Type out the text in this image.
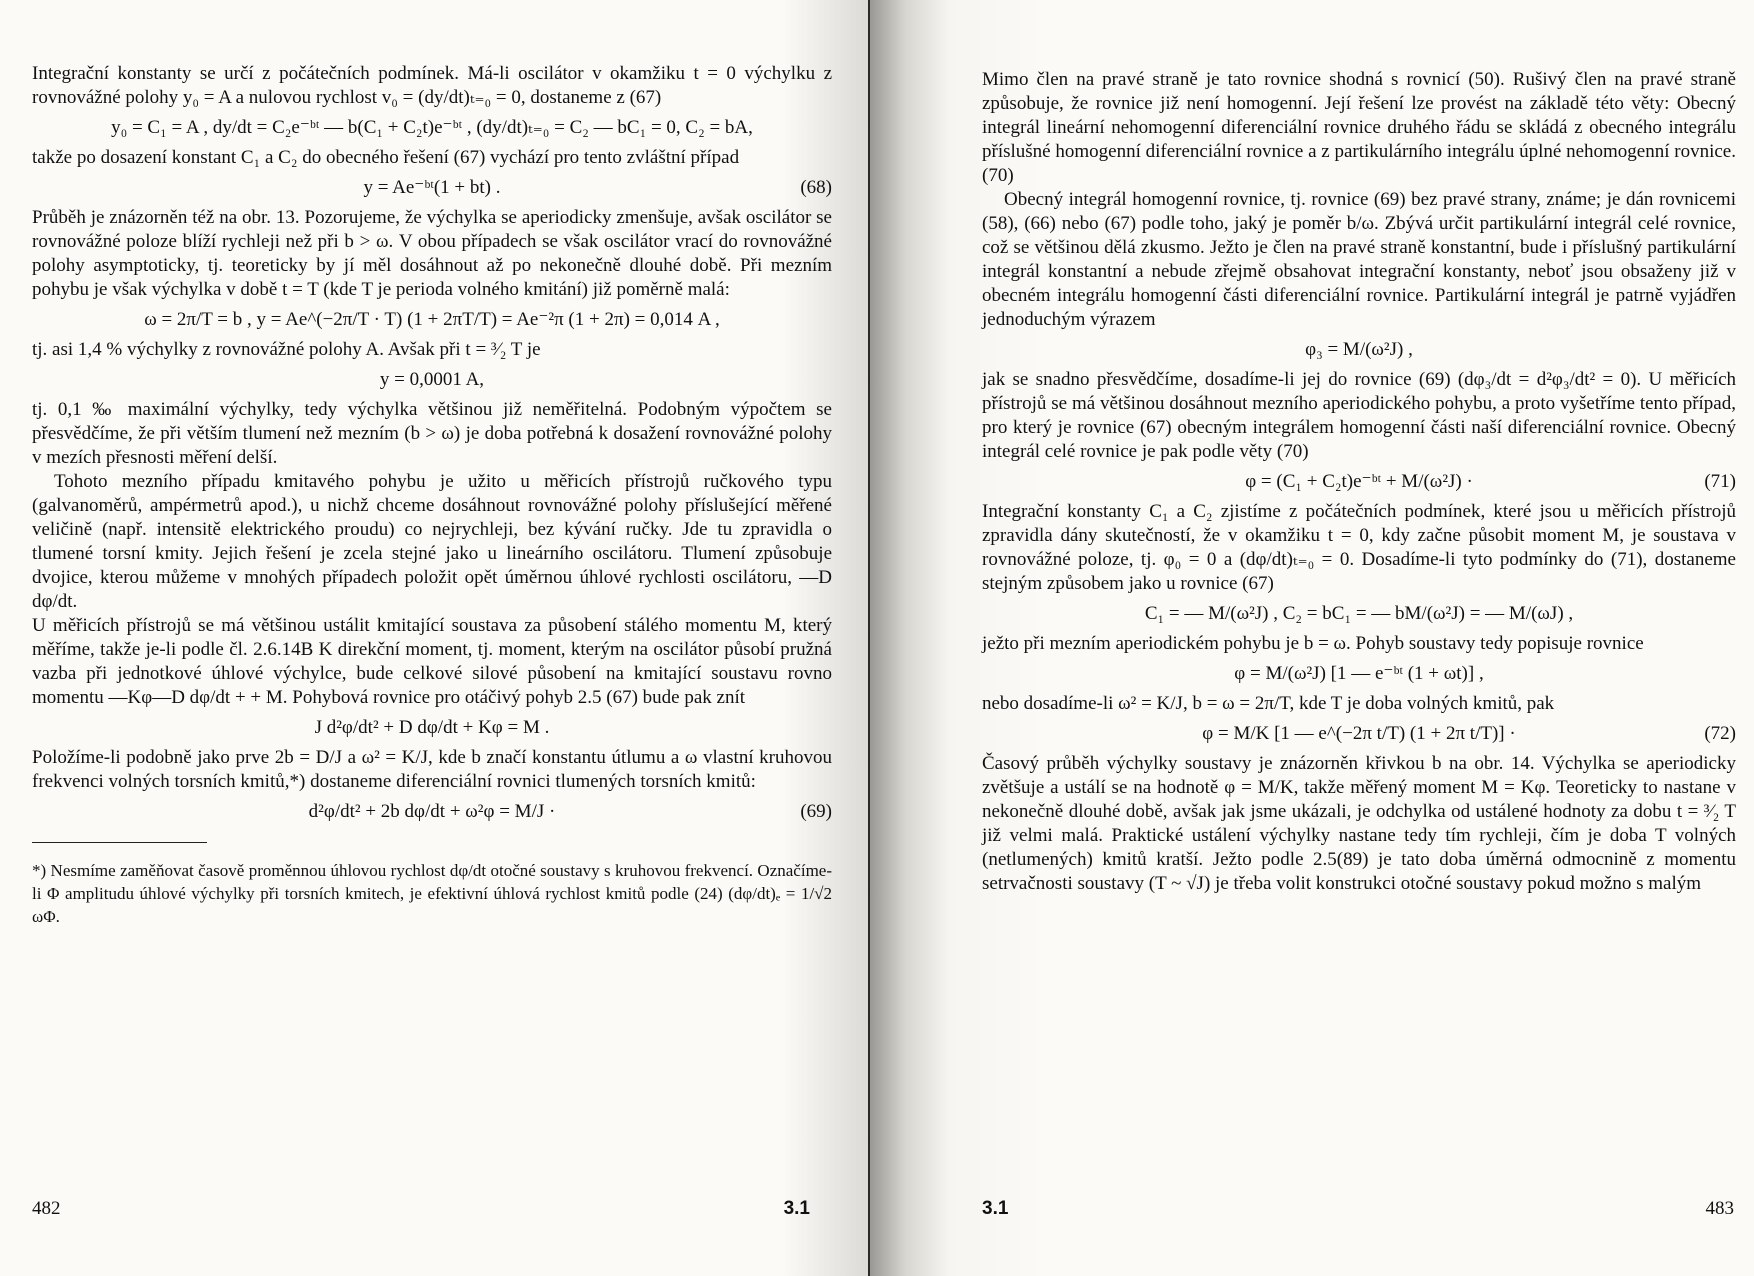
Integrační konstanty se určí z počátečních podmínek. Má-li oscilátor v okamžiku t = 0 výchylku z rovnovážné polohy y₀ = A a nulovou rychlost v₀ = (dy/dt)ₜ₌₀ = 0, dostaneme z (67)

y₀ = C₁ = A , dy/dt = C₂e⁻ᵇᵗ — b(C₁ + C₂t)e⁻ᵇᵗ , (dy/dt)ₜ₌₀ = C₂ — bC₁ = 0, C₂ = bA,

takže po dosazení konstant C₁ a C₂ do obecného řešení (67) vychází pro tento zvláštní případ

y = Ae⁻ᵇᵗ(1 + bt) .	(68)

Průběh je znázorněn též na obr. 13. Pozorujeme, že výchylka se aperiodicky zmenšuje, avšak oscilátor se rovnovážné poloze blíží rychleji než při b > ω. V obou případech se však oscilátor vrací do rovnovážné polohy asymptoticky, tj. teoreticky by jí měl dosáhnout až po nekonečně dlouhé době. Při mezním pohybu je však výchylka v době t = T (kde T je perioda volného kmitání) již poměrně malá:

ω = 2π/T = b , y = Ae^(−2π/T · T) (1 + 2πT/T) = Ae⁻²π (1 + 2π) = 0,014 A ,

tj. asi 1,4 % výchylky z rovnovážné polohy A. Avšak při t = ³⁄₂ T je

y = 0,0001 A,

tj. 0,1 ‰ maximální výchylky, tedy výchylka většinou již neměřitelná. Podobným výpočtem se přesvědčíme, že při větším tlumení než mezním (b > ω) je doba potřebná k dosažení rovnovážné polohy v mezích přesnosti měření delší.

Tohoto mezního případu kmitavého pohybu je užito u měřicích přístrojů ručkového typu (galvanoměrů, ampérmetrů apod.), u nichž chceme dosáhnout rovnovážné polohy příslušející měřené veličině (např. intensitě elektrického proudu) co nejrychleji, bez kývání ručky. Jde tu zpravidla o tlumené torsní kmity. Jejich řešení je zcela stejné jako u lineárního oscilátoru. Tlumení způsobuje dvojice, kterou můžeme v mnohých případech položit opět úměrnou úhlové rychlosti oscilátoru, —D dφ/dt.

U měřicích přístrojů se má většinou ustálit kmitající soustava za působení stálého momentu M, který měříme, takže je-li podle čl. 2.6.14B K direkční moment, tj. moment, kterým na oscilátor působí pružná vazba při jednotkové úhlové výchylce, bude celkové silové působení na kmitající soustavu rovno momentu —Kφ—D dφ/dt + + M. Pohybová rovnice pro otáčivý pohyb 2.5 (67) bude pak znít

J d²φ/dt² + D dφ/dt + Kφ = M .

Položíme-li podobně jako prve 2b = D/J a ω² = K/J, kde b značí konstantu útlumu a ω vlastní kruhovou frekvenci volných torsních kmitů,*) dostaneme diferenciální rovnici tlumených torsních kmitů:

d²φ/dt² + 2b dφ/dt + ω²φ = M/J ·	(69)

*) Nesmíme zaměňovat časově proměnnou úhlovou rychlost dφ/dt otočné soustavy s kruhovou frekvencí. Označíme-li Φ amplitudu úhlové výchylky při torsních kmitech, je efektivní úhlová rychlost kmitů podle (24) (dφ/dt)ₑ = 1/√2 ωΦ.

482	3.1

Mimo člen na pravé straně je tato rovnice shodná s rovnicí (50). Rušivý člen na pravé straně způsobuje, že rovnice již není homogenní. Její řešení lze provést na základě této věty: Obecný integrál lineární nehomogenní diferenciální rovnice druhého řádu se skládá z obecného integrálu příslušné homogenní diferenciální rovnice a z partikulárního integrálu úplné nehomogenní rovnice. (70)

Obecný integrál homogenní rovnice, tj. rovnice (69) bez pravé strany, známe; je dán rovnicemi (58), (66) nebo (67) podle toho, jaký je poměr b/ω. Zbývá určit partikulární integrál celé rovnice, což se většinou dělá zkusmo. Ježto je člen na pravé straně konstantní, bude i příslušný partikulární integrál konstantní a nebude zřejmě obsahovat integrační konstanty, neboť jsou obsaženy již v obecném integrálu homogenní části diferenciální rovnice. Partikulární integrál je patrně vyjádřen jednoduchým výrazem

φ₃ = M/(ω²J) ,

jak se snadno přesvědčíme, dosadíme-li jej do rovnice (69) (dφ₃/dt = d²φ₃/dt² = 0). U měřicích přístrojů se má většinou dosáhnout mezního aperiodického pohybu, a proto vyšetříme tento případ, pro který je rovnice (67) obecným integrálem homogenní části naší diferenciální rovnice. Obecný integrál celé rovnice je pak podle věty (70)

φ = (C₁ + C₂t)e⁻ᵇᵗ + M/(ω²J) ·	(71)

Integrační konstanty C₁ a C₂ zjistíme z počátečních podmínek, které jsou u měřicích přístrojů zpravidla dány skutečností, že v okamžiku t = 0, kdy začne působit moment M, je soustava v rovnovážné poloze, tj. φ₀ = 0 a (dφ/dt)ₜ₌₀ = 0. Dosadíme-li tyto podmínky do (71), dostaneme stejným způsobem jako u rovnice (67)

C₁ = — M/(ω²J) , C₂ = bC₁ = — bM/(ω²J) = — M/(ωJ) ,

ježto při mezním aperiodickém pohybu je b = ω. Pohyb soustavy tedy popisuje rovnice

φ = M/(ω²J) [1 — e⁻ᵇᵗ (1 + ωt)] ,

nebo dosadíme-li ω² = K/J, b = ω = 2π/T, kde T je doba volných kmitů, pak

φ = M/K [1 — e^(−2π t/T) (1 + 2π t/T)] ·	(72)

Časový průběh výchylky soustavy je znázorněn křivkou b na obr. 14. Výchylka se aperiodicky zvětšuje a ustálí se na hodnotě φ = M/K, takže měřený moment M = Kφ. Teoreticky to nastane v nekonečně dlouhé době, avšak jak jsme ukázali, je odchylka od ustálené hodnoty za dobu t = ³⁄₂ T již velmi malá. Praktické ustálení výchylky nastane tedy tím rychleji, čím je doba T volných (netlumených) kmitů kratší. Ježto podle 2.5(89) je tato doba úměrná odmocnině z momentu setrvačnosti soustavy (T ~ √J) je třeba volit konstrukci otočné soustavy pokud možno s malým

3.1	483
